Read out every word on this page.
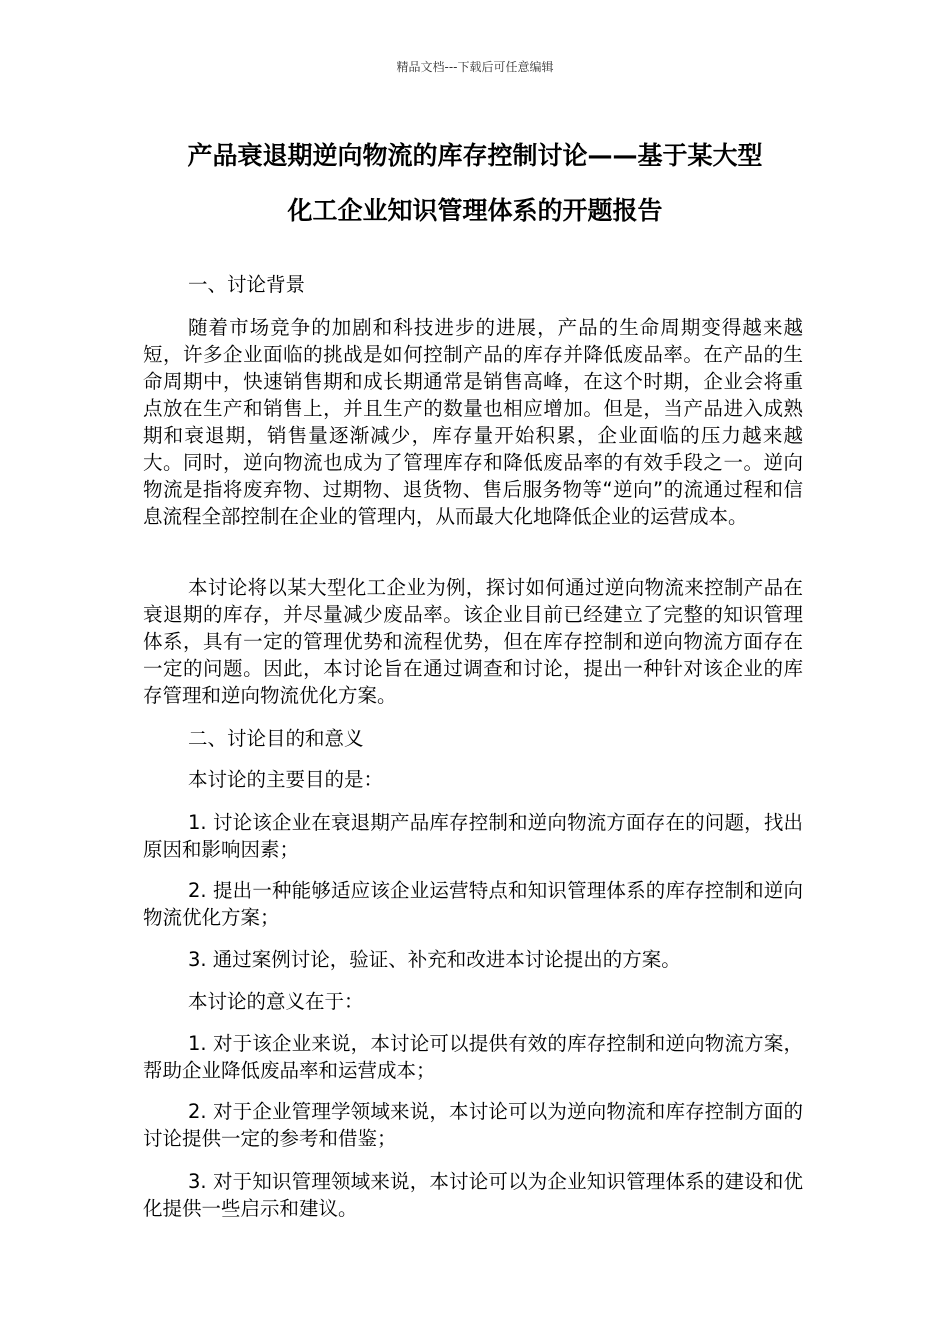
精品文档---下载后可任意编辑
产品衰退期逆向物流的库存控制讨论——基于某大型
化工企业知识管理体系的开题报告
一、讨论背景
随着市场竞争的加剧和科技进步的进展，产品的生命周期变得越来越短，许多企业面临的挑战是如何控制产品的库存并降低废品率。在产品的生命周期中，快速销售期和成长期通常是销售高峰，在这个时期，企业会将重点放在生产和销售上，并且生产的数量也相应增加。但是，当产品进入成熟期和衰退期，销售量逐渐减少，库存量开始积累，企业面临的压力越来越大。同时，逆向物流也成为了管理库存和降低废品率的有效手段之一。逆向物流是指将废弃物、过期物、退货物、售后服务物等“逆向”的流通过程和信息流程全部控制在企业的管理内，从而最大化地降低企业的运营成本。
本讨论将以某大型化工企业为例，探讨如何通过逆向物流来控制产品在衰退期的库存，并尽量减少废品率。该企业目前已经建立了完整的知识管理体系，具有一定的管理优势和流程优势，但在库存控制和逆向物流方面存在一定的问题。因此，本讨论旨在通过调查和讨论，提出一种针对该企业的库存管理和逆向物流优化方案。
二、讨论目的和意义
本讨论的主要目的是：
1. 讨论该企业在衰退期产品库存控制和逆向物流方面存在的问题，找出原因和影响因素；
2. 提出一种能够适应该企业运营特点和知识管理体系的库存控制和逆向物流优化方案；
3. 通过案例讨论，验证、补充和改进本讨论提出的方案。
本讨论的意义在于：
1. 对于该企业来说，本讨论可以提供有效的库存控制和逆向物流方案，帮助企业降低废品率和运营成本；
2. 对于企业管理学领域来说，本讨论可以为逆向物流和库存控制方面的讨论提供一定的参考和借鉴；
3. 对于知识管理领域来说，本讨论可以为企业知识管理体系的建设和优化提供一些启示和建议。
